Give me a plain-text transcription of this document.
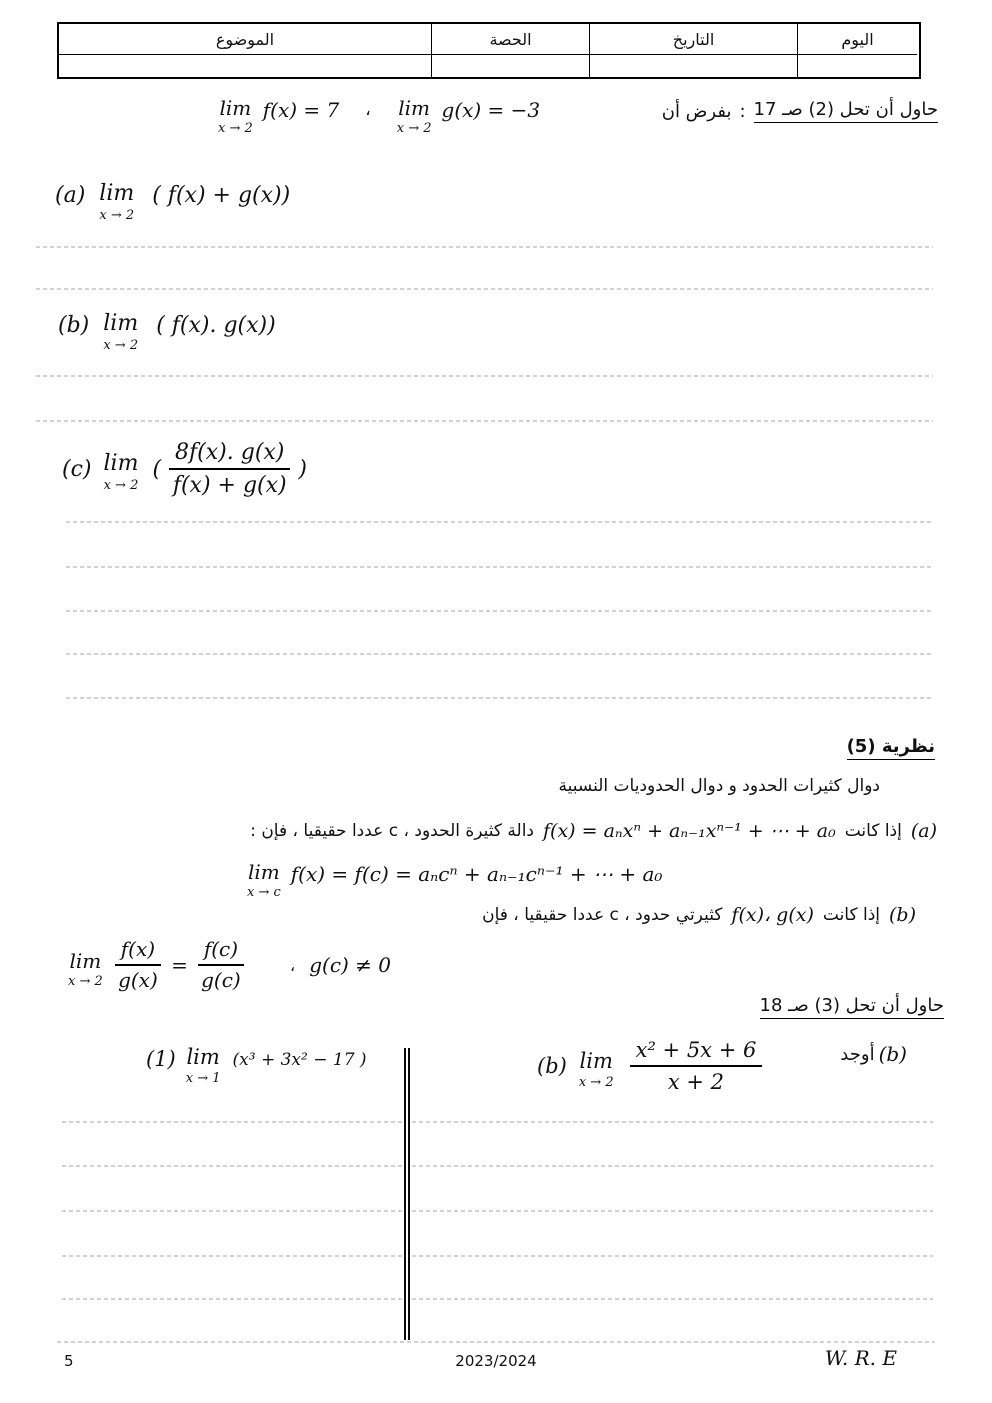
الموضوع	الحصة	التاريخ	اليوم
lim
x → 2
f(x) = 7 ، lim
x → 2
g(x) = −3	حاول أن تحل (2) صـ 17
:
بفرض أن
(a) lim
x → 2
( f(x) + g(x))
(b) lim
x → 2
( f(x). g(x))
(c) lim
x → 2
( $\frac{8f(x). g(x)}{f(x) + g(x)}$ )
نظرية (5)
دوال كثيرات الحدود و دوال الحدوديات النسبية
(a)
إذا كانت
f(x) = aₙxⁿ + aₙ₋₁xⁿ⁻¹ + ⋯ + a₀
دالة كثيرة الحدود ، c عددا حقيقيا ، فإن :
lim
x → c
f(x) = f(c) = aₙcⁿ + aₙ₋₁cⁿ⁻¹ + ⋯ + a₀
(b)
إذا كانت
f(x)، g(x)
كثيرتي حدود ، c عددا حقيقيا ، فإن
lim
$x \to 2 \frac{f(x)}{g(x)} = \frac{f(c)}{g(c)}$	، g(c) ≠ 0
حاول أن تحل (3) صـ 18
(b)
أوجد
(b) lim
$x \to 2 \frac{\text{x² + 5x + 6}}{x + 2}$
(1) lim
x → 1
(x³ + 3x² − 17 )
5	2023/2024	W. R. E
